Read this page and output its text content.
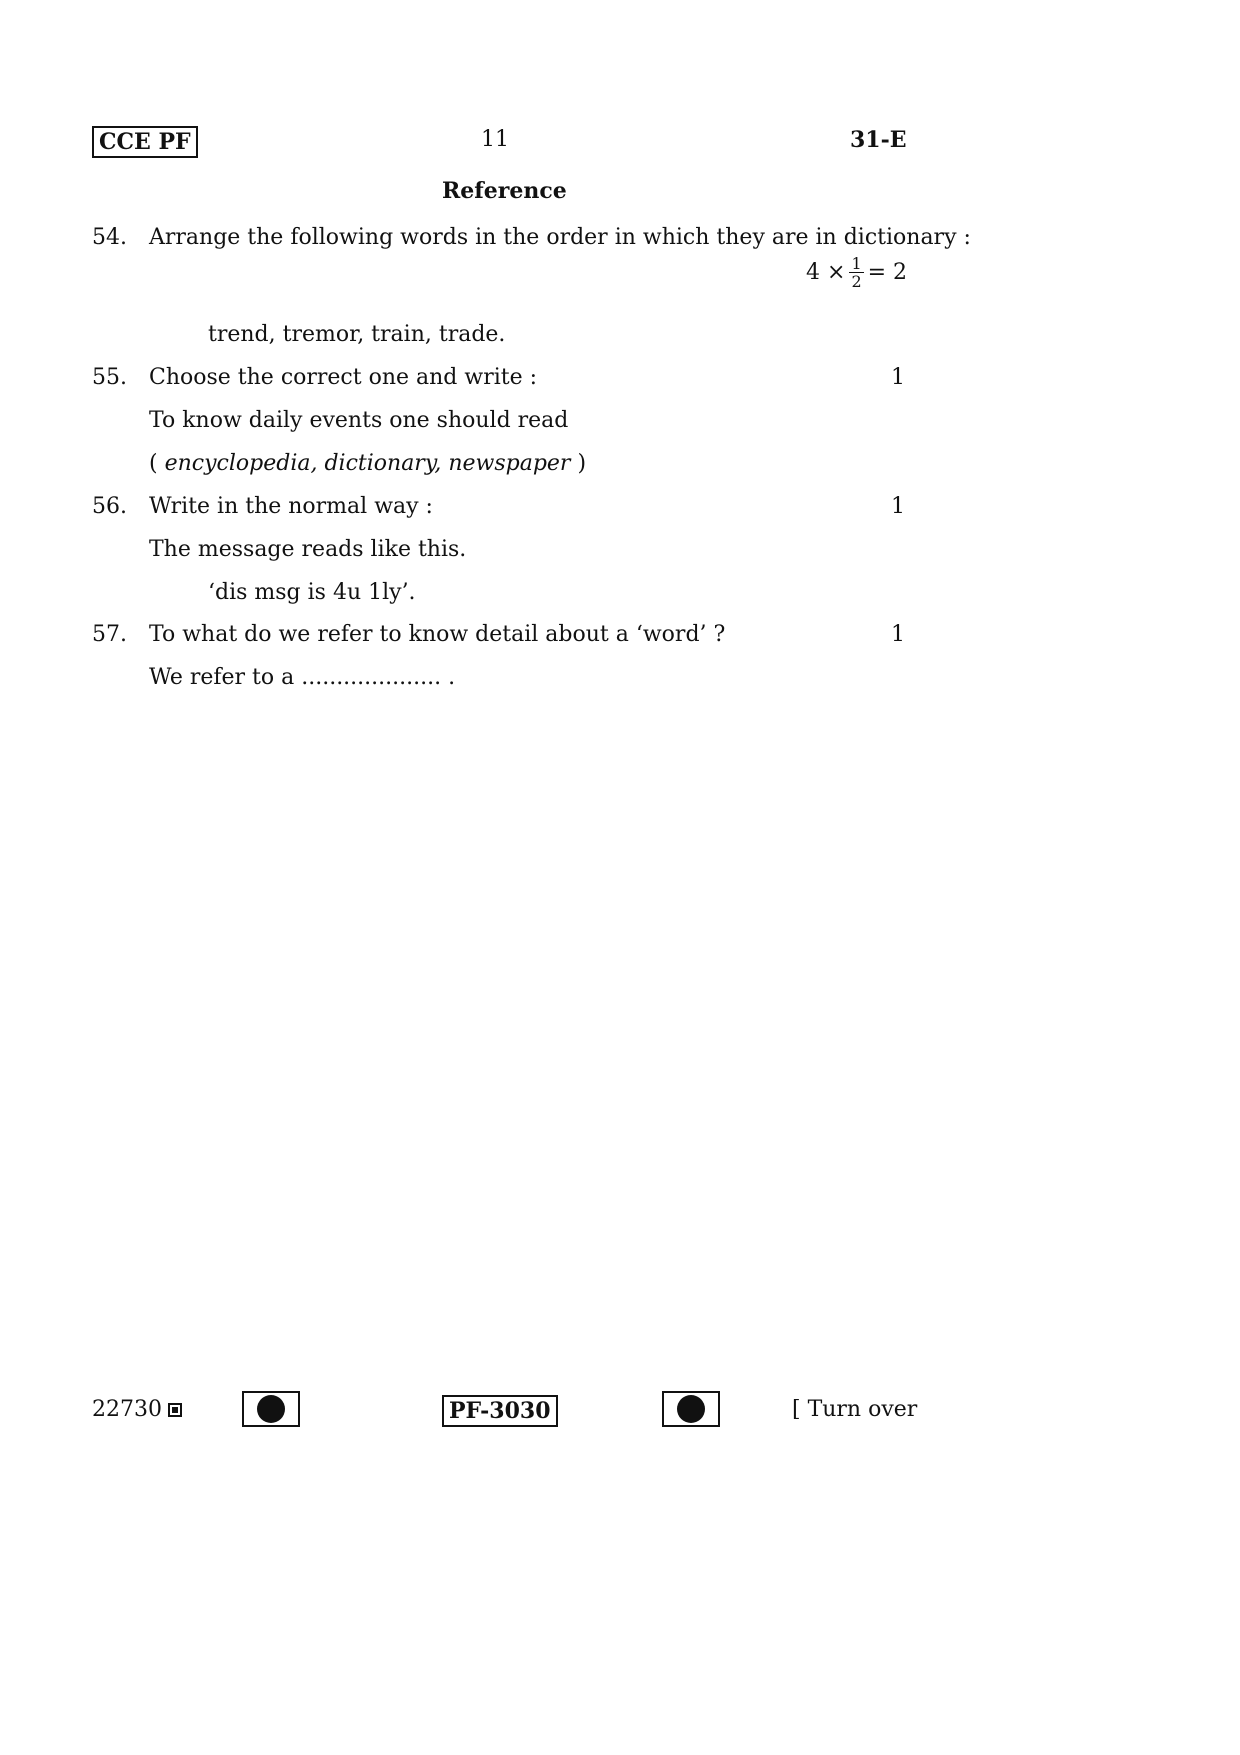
CCE PF	11	31-E
Reference
54. Arrange the following words in the order in which they are in dictionary :
$4 \times \frac{1}{2} = 2$
trend, tremor, train, trade.
55. Choose the correct one and write :	1
To know daily events one should read
( encyclopedia, dictionary, newspaper )
56. Write in the normal way :	1
The message reads like this.
‘dis msg is 4u 1ly’.
57. To what do we refer to know detail about a ‘word’ ?	1
We refer to a .................... .
22730	PF-3030	[ Turn over
